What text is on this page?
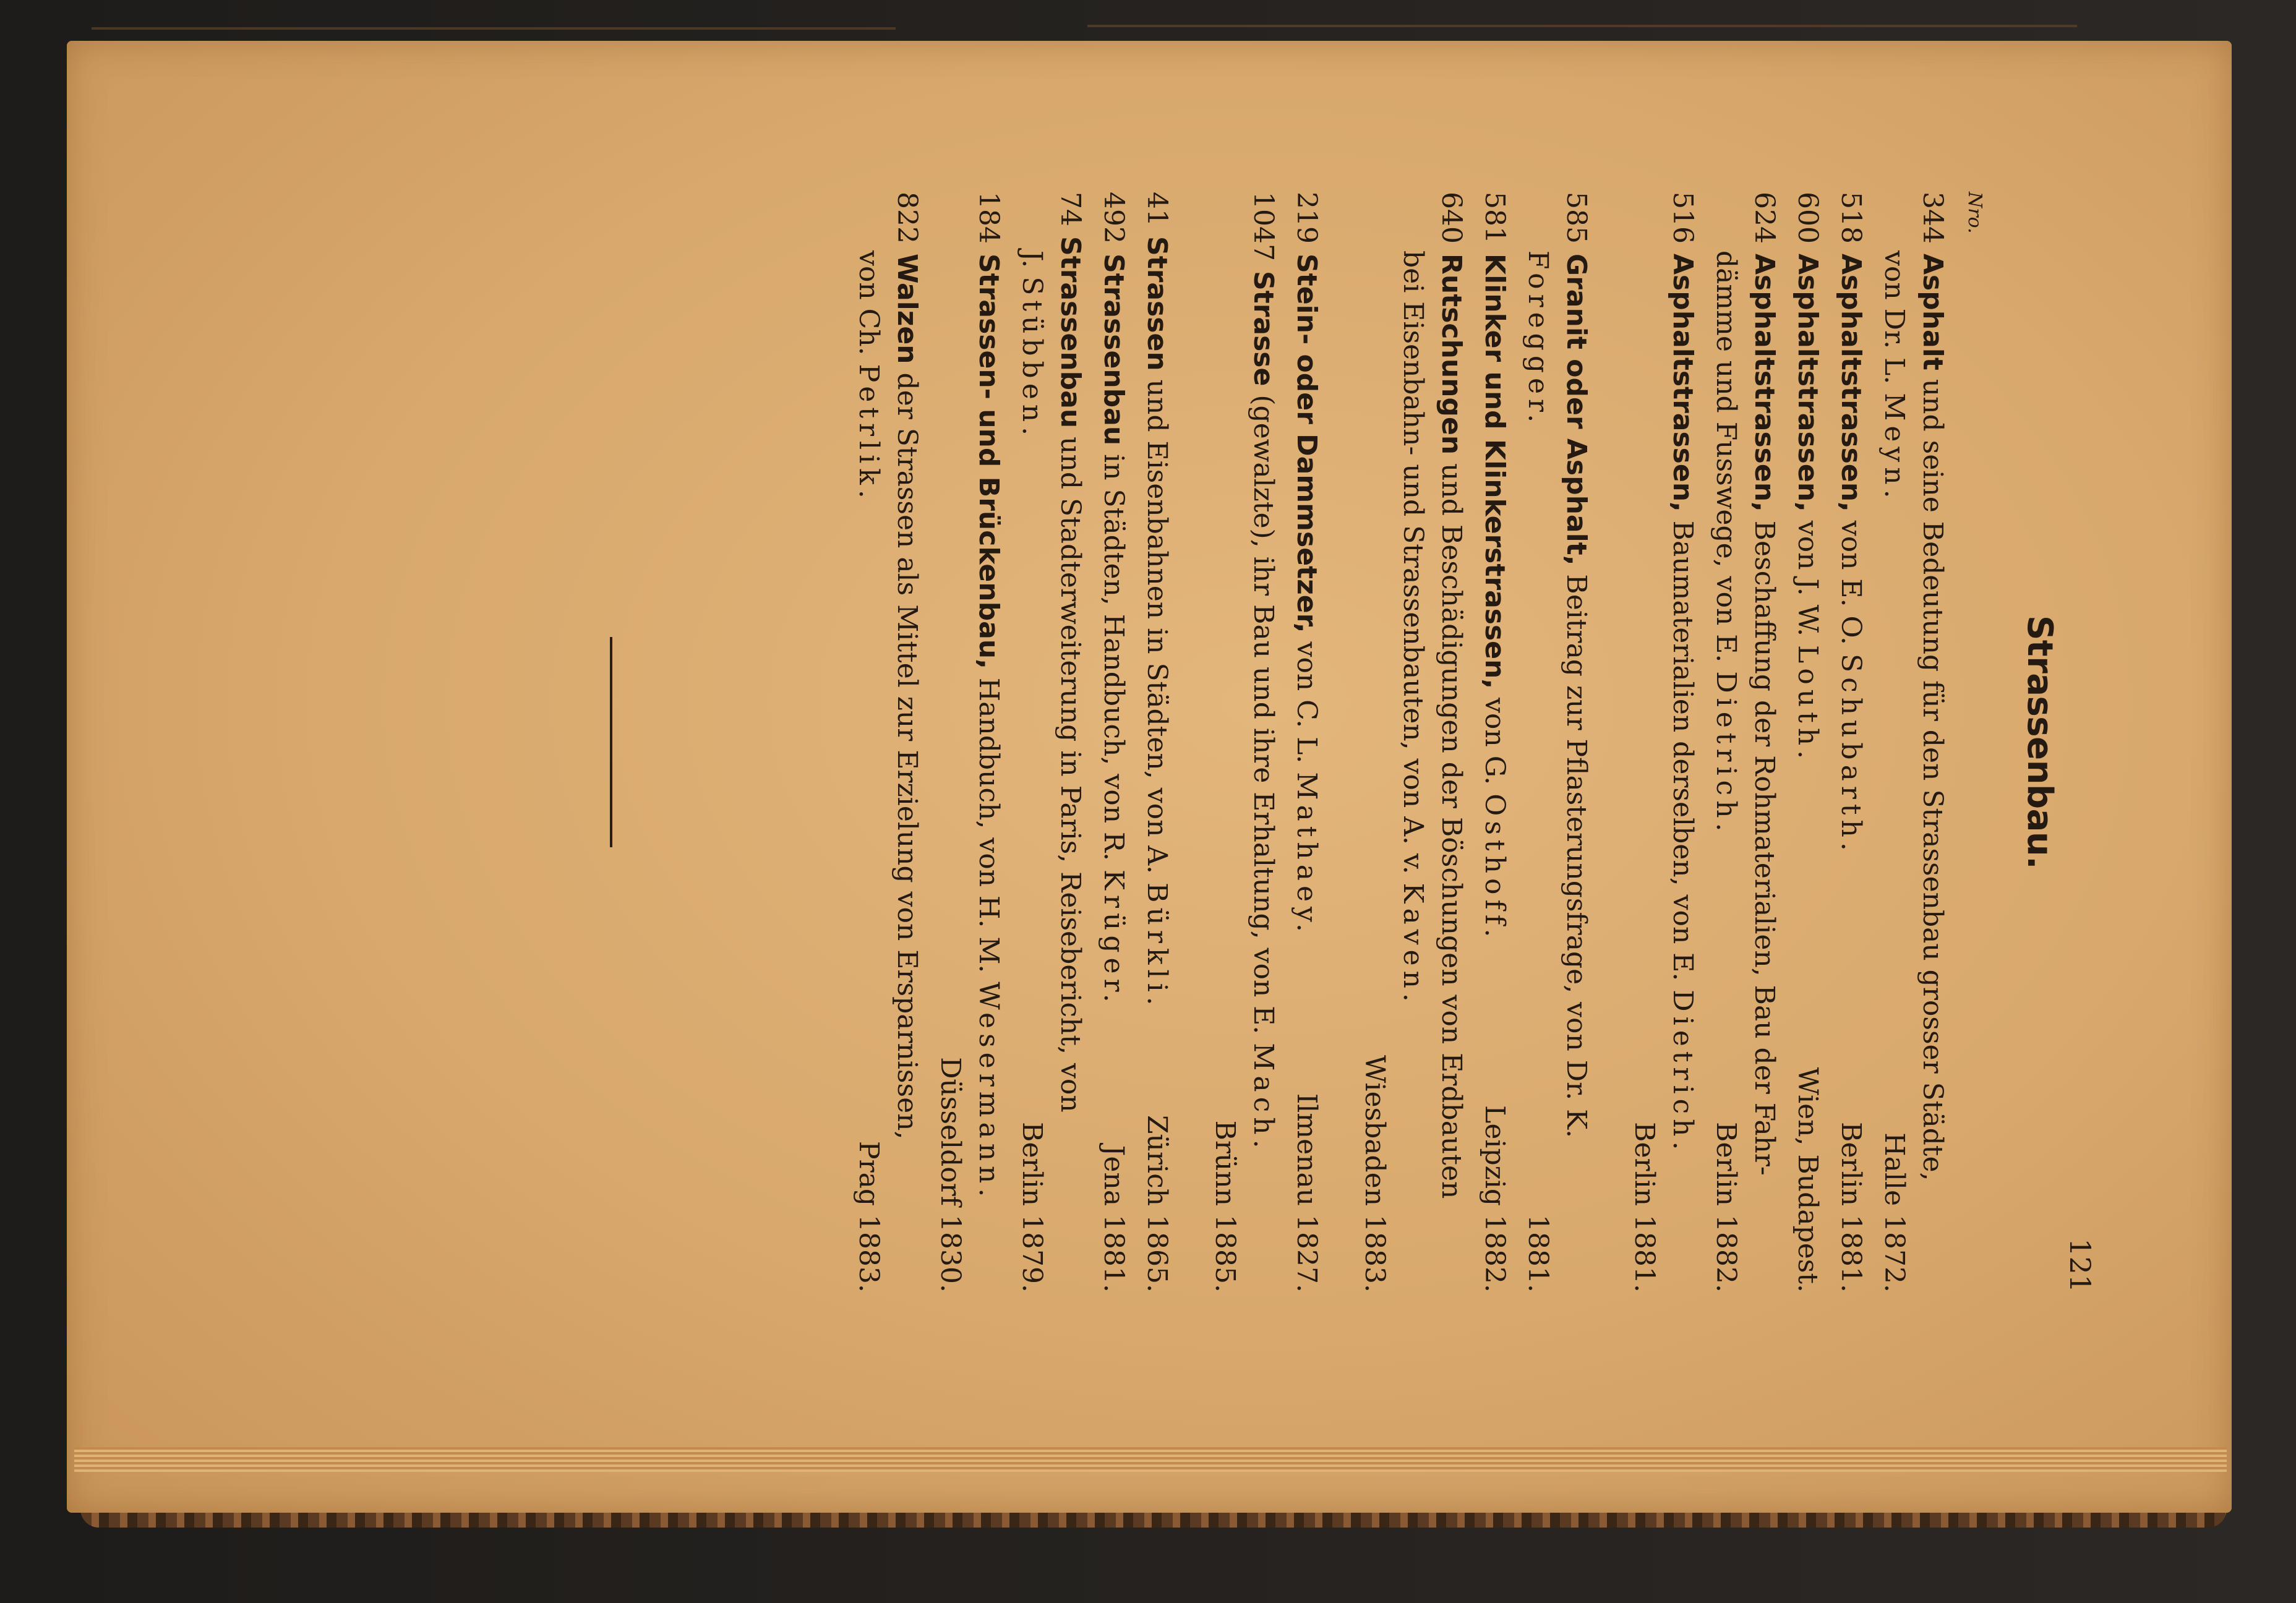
121
Strassenbau.
Nro.
344Asphalt und seine Bedeutung für den Strassenbau grosser Städte,
von Dr. L. Meyn.
Halle 1872.
518Asphaltstrassen, von E. O. Schubarth.
Berlin 1881.
600Asphaltstrassen, von J. W. Louth.
Wien, Budapest.
624Asphaltstrassen, Beschaffung der Rohmaterialien, Bau der Fahr-
dämme und Fusswege, von E. Dietrich.
Berlin 1882.
516Asphaltstrassen, Baumaterialien derselben, von E. Dietrich.
Berlin 1881.
585Granit oder Asphalt, Beitrag zur Pflasterungsfrage, von Dr. K.
Foregger.
1881.
581Klinker und Klinkerstrassen, von G. Osthoff.
Leipzig 1882.
640Rutschungen und Beschädigungen der Böschungen von Erdbauten
bei Eisenbahn- und Strassenbauten, von A. v. Kaven.
Wiesbaden 1883.
219Stein- oder Dammsetzer, von C. L. Mathaey.
Ilmenau 1827.
1047Strasse (gewalzte), ihr Bau und ihre Erhaltung, von E. Mach.
Brünn 1885.
41Strassen und Eisenbahnen in Städten, von A. Bürkli.
Zürich 1865.
492Strassenbau in Städten, Handbuch, von R. Krüger.
Jena 1881.
74Strassenbau und Stadterweiterung in Paris, Reisebericht, von
J. Stübben.
Berlin 1879.
184Strassen- und Brückenbau, Handbuch, von H. M. Wesermann.
Düsseldorf 1830.
822Walzen der Strassen als Mittel zur Erzielung von Ersparnissen,
von Ch. Petrlik.
Prag 1883.
